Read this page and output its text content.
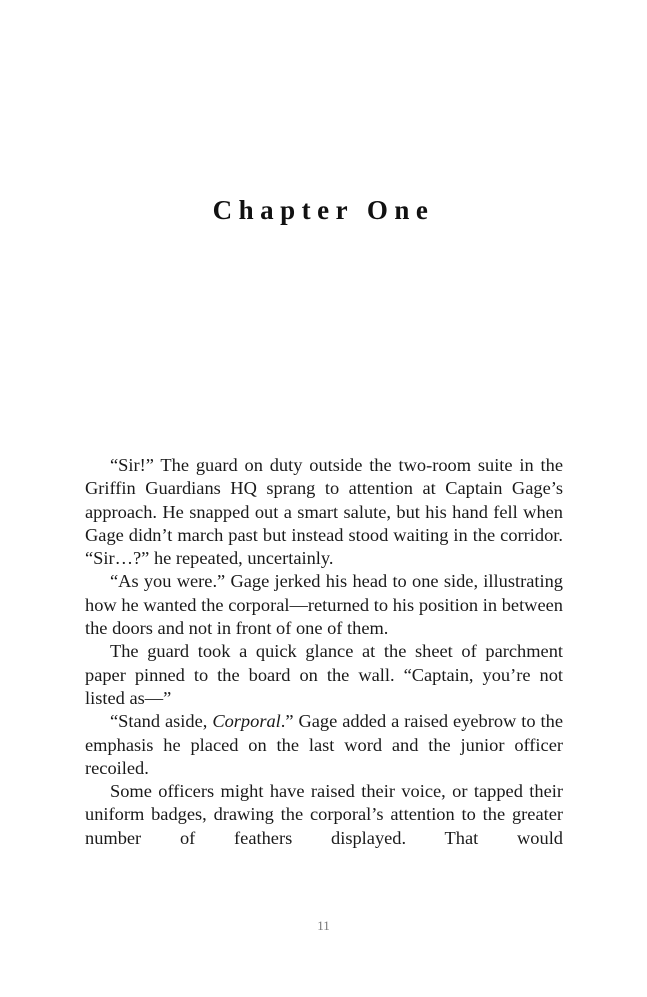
Chapter One

“Sir!” The guard on duty outside the two-room suite in the Griffin Guardians HQ sprang to attention at Captain Gage’s approach. He snapped out a smart salute, but his hand fell when Gage didn’t march past but instead stood waiting in the corridor. “Sir…?” he repeated, uncertainly.

“As you were.” Gage jerked his head to one side, illustrating how he wanted the corporal—returned to his position in between the doors and not in front of one of them.

The guard took a quick glance at the sheet of parchment paper pinned to the board on the wall. “Captain, you’re not listed as—”

“Stand aside, Corporal.” Gage added a raised eyebrow to the emphasis he placed on the last word and the junior officer recoiled.

Some officers might have raised their voice, or tapped their uniform badges, drawing the corporal’s attention to the greater number of feathers displayed. That would

11
